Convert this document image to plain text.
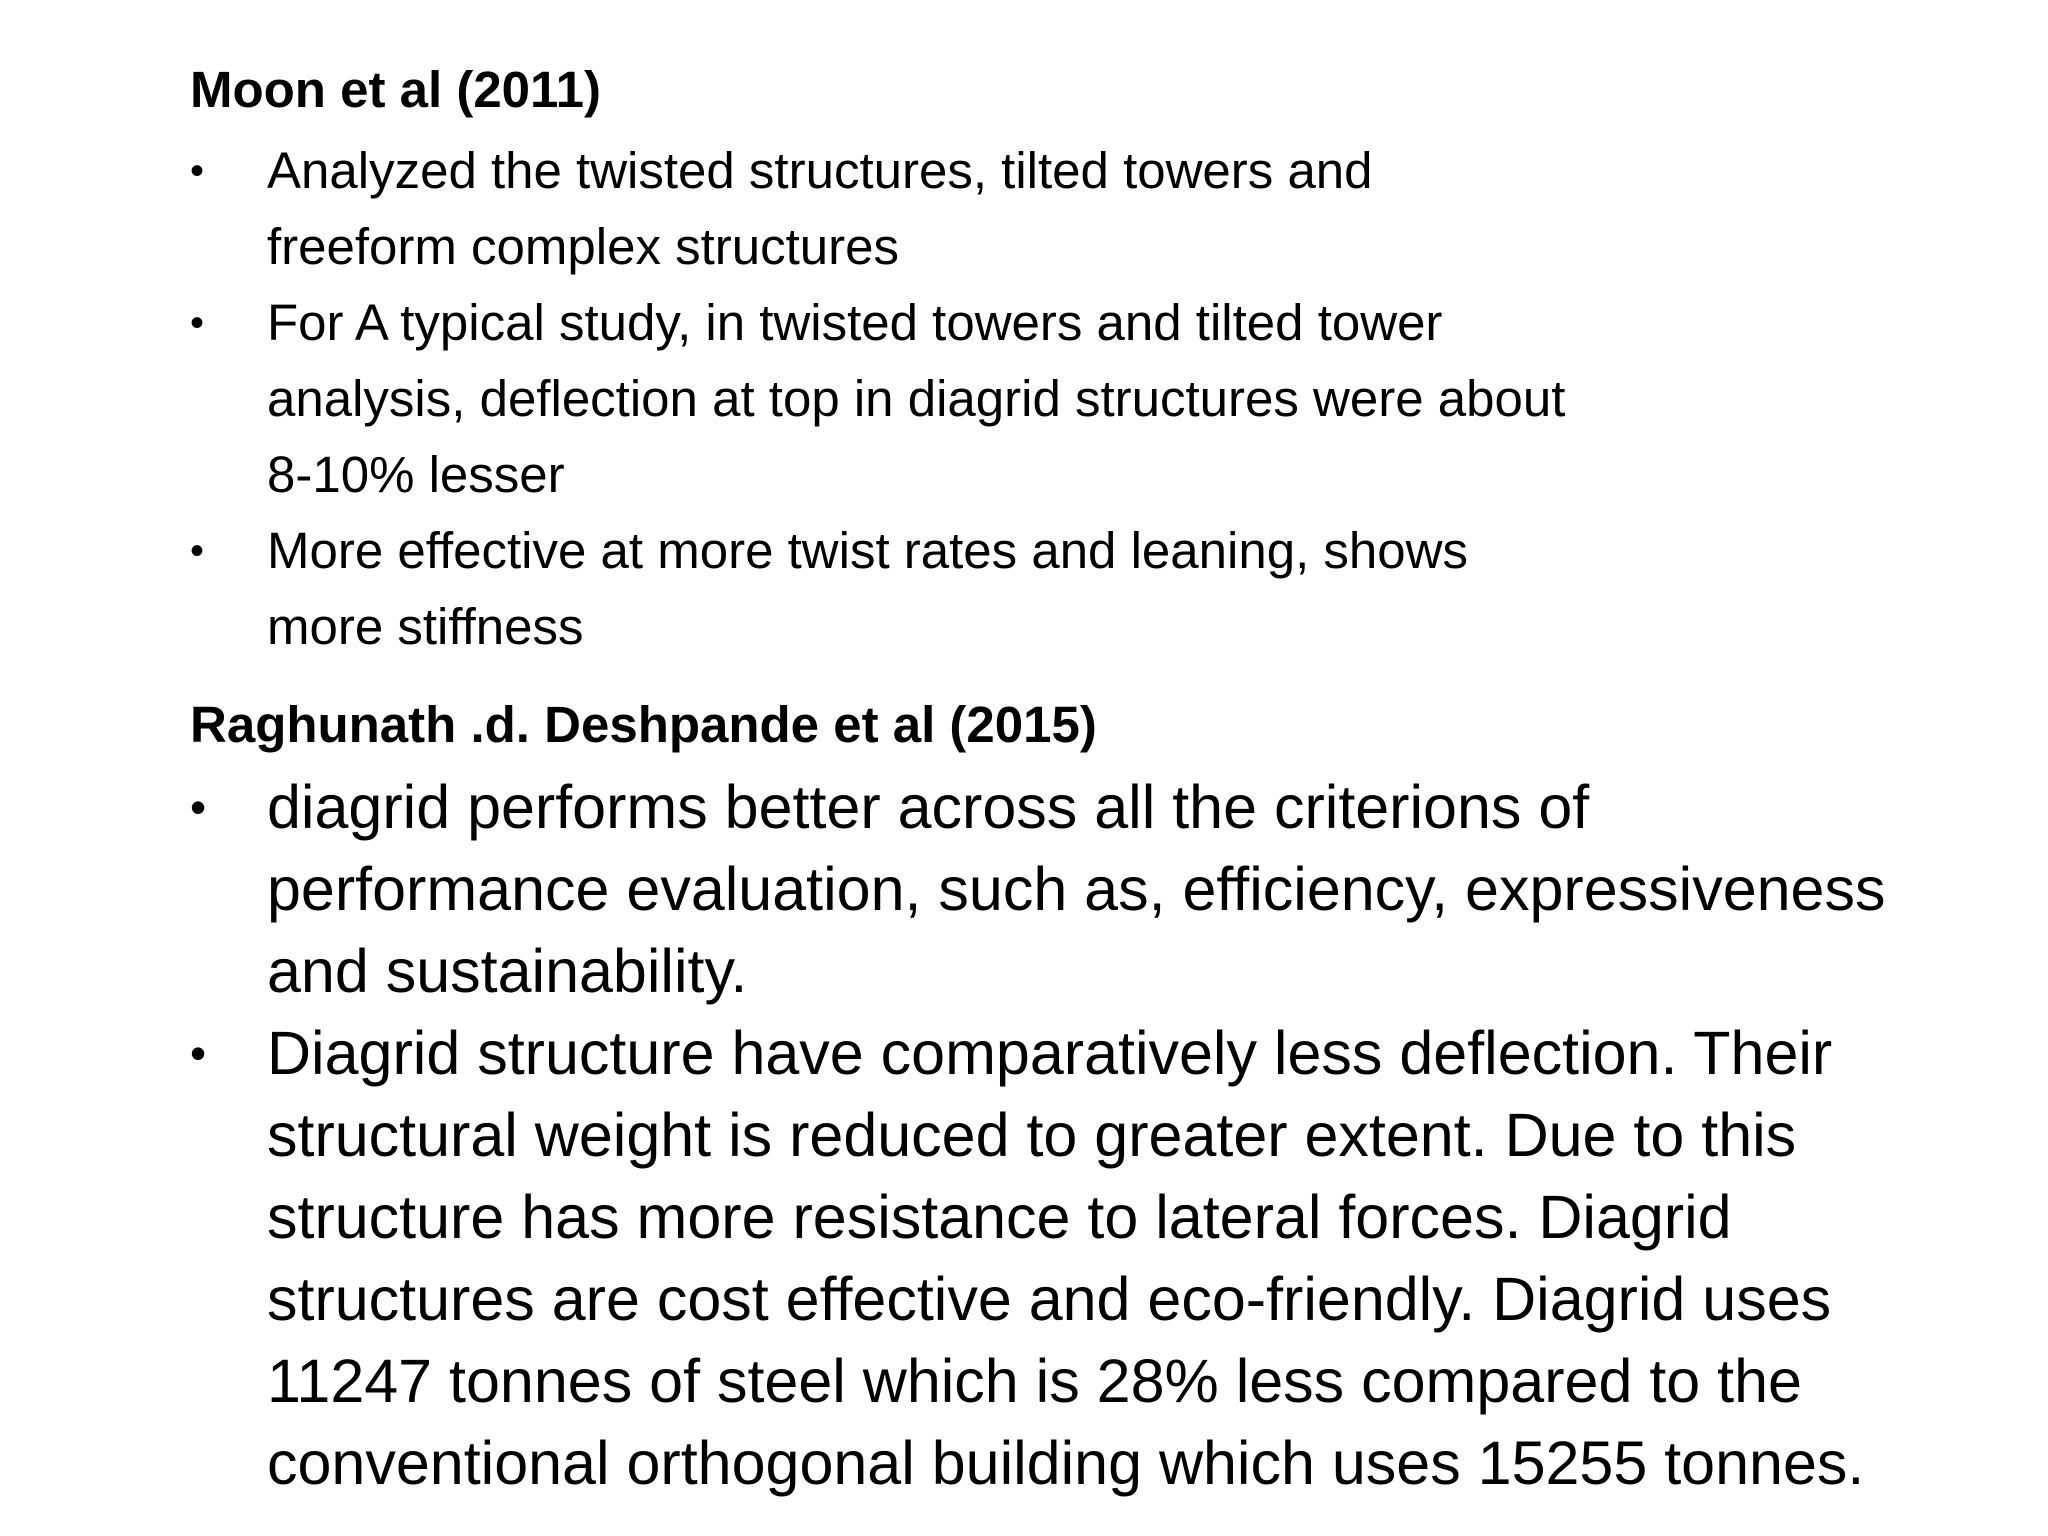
Moon et al (2011)
• Analyzed the twisted structures, tilted towers and
freeform complex structures
• For A typical study, in twisted towers and tilted tower
analysis, deflection at top in diagrid structures were about
8-10% lesser
• More effective at more twist rates and leaning, shows
more stiffness
Raghunath .d. Deshpande et al (2015)
• diagrid performs better across all the criterions of
performance evaluation, such as, efficiency, expressiveness
and sustainability.
• Diagrid structure have comparatively less deflection. Their
structural weight is reduced to greater extent. Due to this
structure has more resistance to lateral forces. Diagrid
structures are cost effective and eco-friendly. Diagrid uses
11247 tonnes of steel which is 28% less compared to the
conventional orthogonal building which uses 15255 tonnes.
